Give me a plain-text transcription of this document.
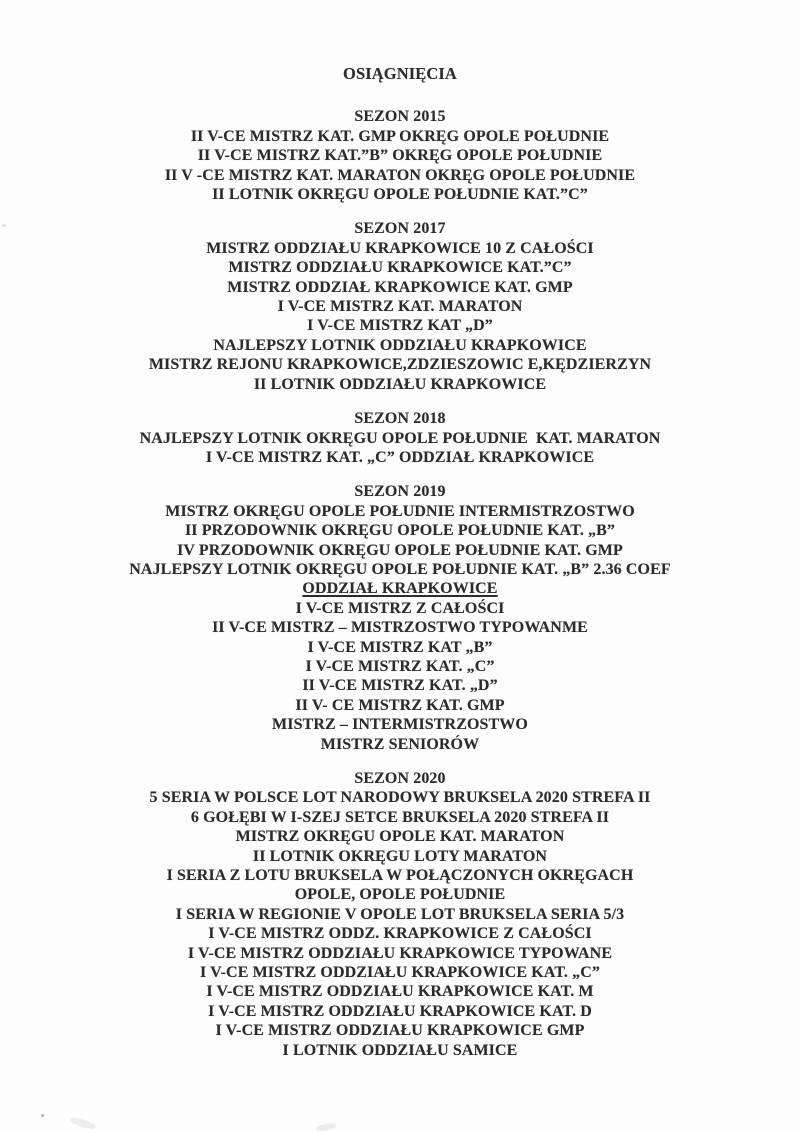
OSIĄGNIĘCIA
SEZON 2015

II V-CE MISTRZ KAT. GMP OKRĘG OPOLE POŁUDNIE

II V-CE MISTRZ KAT.”B” OKRĘG OPOLE POŁUDNIE

II V -CE MISTRZ KAT. MARATON OKRĘG OPOLE POŁUDNIE

II LOTNIK OKRĘGU OPOLE POŁUDNIE KAT.”C”

SEZON 2017

MISTRZ ODDZIAŁU KRAPKOWICE 10 Z CAŁOŚCI

MISTRZ ODDZIAŁU KRAPKOWICE KAT.”C”

MISTRZ ODDZIAŁ KRAPKOWICE KAT. GMP

I V-CE MISTRZ KAT. MARATON

I V-CE MISTRZ KAT „D”

NAJLEPSZY LOTNIK ODDZIAŁU KRAPKOWICE

MISTRZ REJONU KRAPKOWICE,ZDZIESZOWIC E,KĘDZIERZYN

II LOTNIK ODDZIAŁU KRAPKOWICE

SEZON 2018

NAJLEPSZY LOTNIK OKRĘGU OPOLE POŁUDNIE  KAT. MARATON

I V-CE MISTRZ KAT. „C” ODDZIAŁ KRAPKOWICE

SEZON 2019

MISTRZ OKRĘGU OPOLE POŁUDNIE INTERMISTRZOSTWO

II PRZODOWNIK OKRĘGU OPOLE POŁUDNIE KAT. „B”

IV PRZODOWNIK OKRĘGU OPOLE POŁUDNIE KAT. GMP

NAJLEPSZY LOTNIK OKRĘGU OPOLE POŁUDNIE KAT. „B” 2.36 COEF

ODDZIAŁ KRAPKOWICE

I V-CE MISTRZ Z CAŁOŚCI

II V-CE MISTRZ – MISTRZOSTWO TYPOWANME

I V-CE MISTRZ KAT „B”

I V-CE MISTRZ KAT. „C”

II V-CE MISTRZ KAT. „D”

II V- CE MISTRZ KAT. GMP

MISTRZ – INTERMISTRZOSTWO

MISTRZ SENIORÓW

SEZON 2020

5 SERIA W POLSCE LOT NARODOWY BRUKSELA 2020 STREFA II

6 GOŁĘBI W I-SZEJ SETCE BRUKSELA 2020 STREFA II

MISTRZ OKRĘGU OPOLE KAT. MARATON

II LOTNIK OKRĘGU LOTY MARATON

I SERIA Z LOTU BRUKSELA W POŁĄCZONYCH OKRĘGACH

OPOLE, OPOLE POŁUDNIE

I SERIA W REGIONIE V OPOLE LOT BRUKSELA SERIA 5/3

I V-CE MISTRZ ODDZ. KRAPKOWICE Z CAŁOŚCI

I V-CE MISTRZ ODDZIAŁU KRAPKOWICE TYPOWANE

I V-CE MISTRZ ODDZIAŁU KRAPKOWICE KAT. „C”

I V-CE MISTRZ ODDZIAŁU KRAPKOWICE KAT. M

I V-CE MISTRZ ODDZIAŁU KRAPKOWICE KAT. D

I V-CE MISTRZ ODDZIAŁU KRAPKOWICE GMP

I LOTNIK ODDZIAŁU SAMICE
